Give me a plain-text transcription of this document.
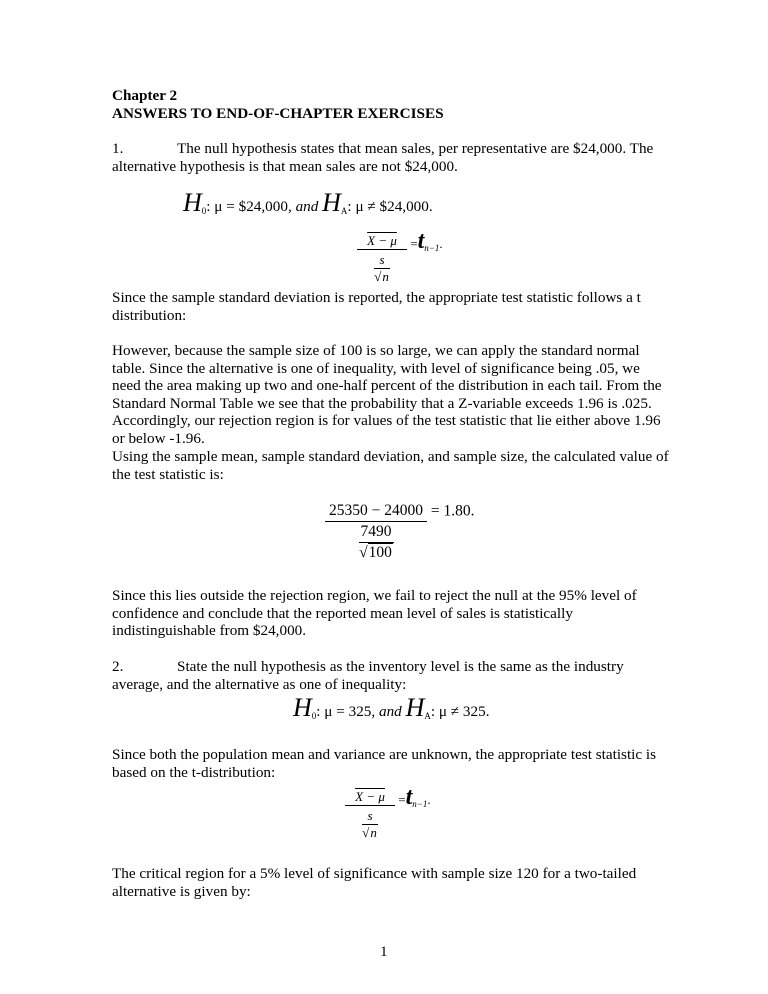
Chapter 2
ANSWERS TO END-OF-CHAPTER EXERCISES
1.	The null hypothesis states that mean sales, per representative are $24,000. The alternative hypothesis is that mean sales are not $24,000.
$H_0$: μ = $24,000, and $H_A$: μ ≠ $24,000.
$\frac{X - \mu}{\frac{s}{√n}} =t_{n-1}$.
Since the sample standard deviation is reported, the appropriate test statistic follows a t distribution:
However, because the sample size of 100 is so large, we can apply the standard normal table. Since the alternative is one of inequality, with level of significance being .05, we need the area making up two and one-half percent of the distribution in each tail. From the Standard Normal Table we see that the probability that a Z-variable exceeds 1.96 is .025. Accordingly, our rejection region is for values of the test statistic that lie either above 1.96 or below -1.96.
Using the sample mean, sample standard deviation, and sample size, the calculated value of the test statistic is:
$\frac{25350 - 24000}{\frac{7490}{√100}} = 1.80$.
Since this lies outside the rejection region, we fail to reject the null at the 95% level of confidence and conclude that the reported mean level of sales is statistically indistinguishable from $24,000.
2.	State the null hypothesis as the inventory level is the same as the industry average, and the alternative as one of inequality:
$H_0$: μ = 325, and $H_A$: μ ≠ 325.
Since both the population mean and variance are unknown, the appropriate test statistic is based on the t-distribution:
$\frac{X - \mu}{\frac{s}{√n}} =t_{n-1}$.
The critical region for a 5% level of significance with sample size 120 for a two-tailed alternative is given by:
1
